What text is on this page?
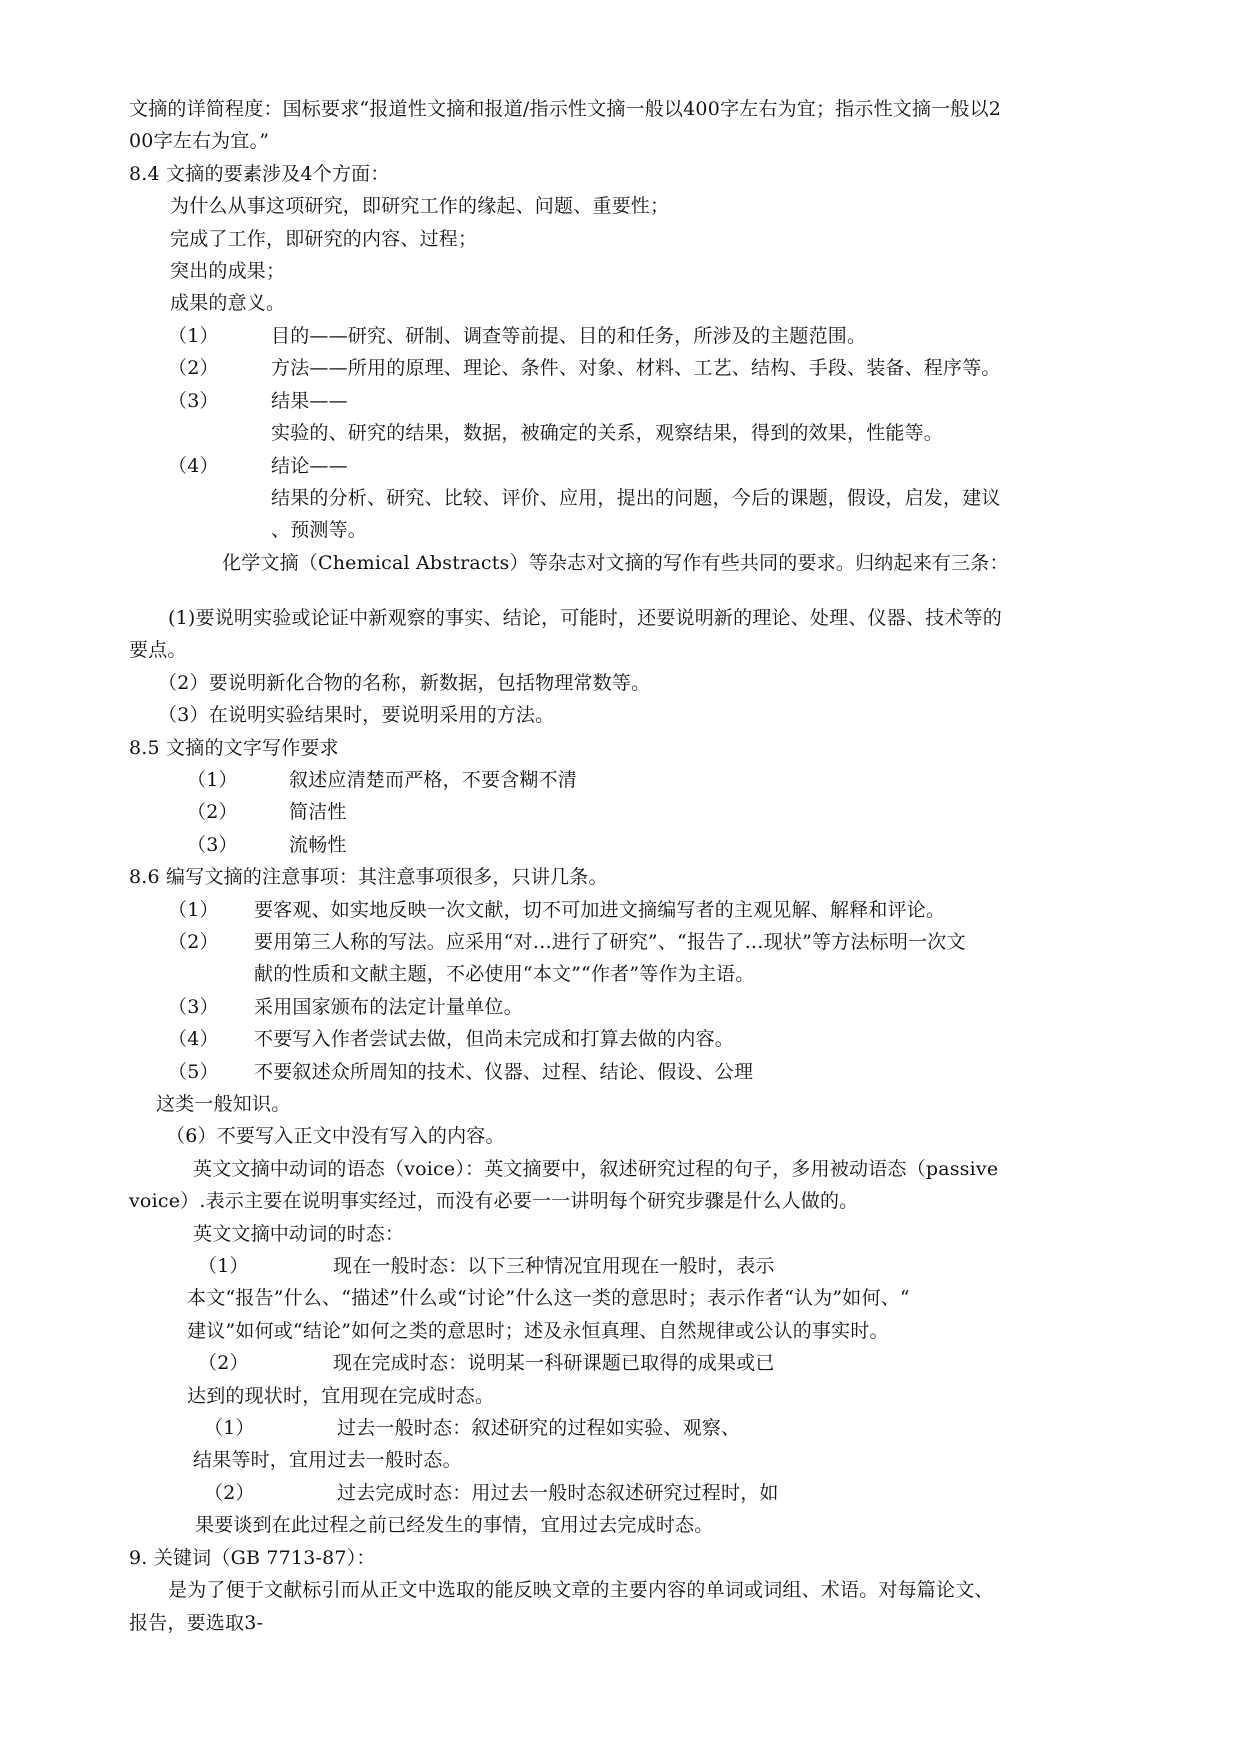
文摘的详简程度：国标要求“报道性文摘和报道/指示性文摘一般以400字左右为宜；指示性文摘一般以2
00字左右为宜。”
8.4 文摘的要素涉及4个方面：
为什么从事这项研究，即研究工作的缘起、问题、重要性；
完成了工作，即研究的内容、过程；
突出的成果；
成果的意义。
（1）	目的——研究、研制、调查等前提、目的和任务，所涉及的主题范围。
（2）	方法——所用的原理、理论、条件、对象、材料、工艺、结构、手段、装备、程序等。
（3）	结果——
实验的、研究的结果，数据，被确定的关系，观察结果，得到的效果，性能等。
（4）	结论——
结果的分析、研究、比较、评价、应用，提出的问题，今后的课题，假设，启发，建议
、预测等。
化学文摘（Chemical Abstracts）等杂志对文摘的写作有些共同的要求。归纳起来有三条：
(1)要说明实验或论证中新观察的事实、结论，可能时，还要说明新的理论、处理、仪器、技术等的
要点。
（2）要说明新化合物的名称，新数据，包括物理常数等。
（3）在说明实验结果时，要说明采用的方法。
8.5 文摘的文字写作要求
（1）	叙述应清楚而严格，不要含糊不清
（2）	简洁性
（3）	流畅性
8.6 编写文摘的注意事项：其注意事项很多，只讲几条。
（1） 要客观、如实地反映一次文献，切不可加进文摘编写者的主观见解、解释和评论。
（2） 要用第三人称的写法。应采用“对…进行了研究”、“报告了…现状”等方法标明一次文
献的性质和文献主题，不必使用“本文”“作者”等作为主语。
（3） 采用国家颁布的法定计量单位。
（4） 不要写入作者尝试去做，但尚未完成和打算去做的内容。
（5） 不要叙述众所周知的技术、仪器、过程、结论、假设、公理
这类一般知识。
（6）不要写入正文中没有写入的内容。
英文文摘中动词的语态（voice）：英文摘要中，叙述研究过程的句子，多用被动语态（passive
voice）.表示主要在说明事实经过，而没有必要一一讲明每个研究步骤是什么人做的。
英文文摘中动词的时态：
（1）	现在一般时态：以下三种情况宜用现在一般时，表示
本文“报告”什么、“描述”什么或“讨论”什么这一类的意思时；表示作者“认为”如何、“
建议”如何或“结论”如何之类的意思时；述及永恒真理、自然规律或公认的事实时。
（2）	现在完成时态：说明某一科研课题已取得的成果或已
达到的现状时，宜用现在完成时态。
（1）	过去一般时态：叙述研究的过程如实验、观察、
结果等时，宜用过去一般时态。
（2）	过去完成时态：用过去一般时态叙述研究过程时，如
果要谈到在此过程之前已经发生的事情，宜用过去完成时态。
9. 关键词（GB 7713-87）：
是为了便于文献标引而从正文中选取的能反映文章的主要内容的单词或词组、术语。对每篇论文、
报告，要选取3-
